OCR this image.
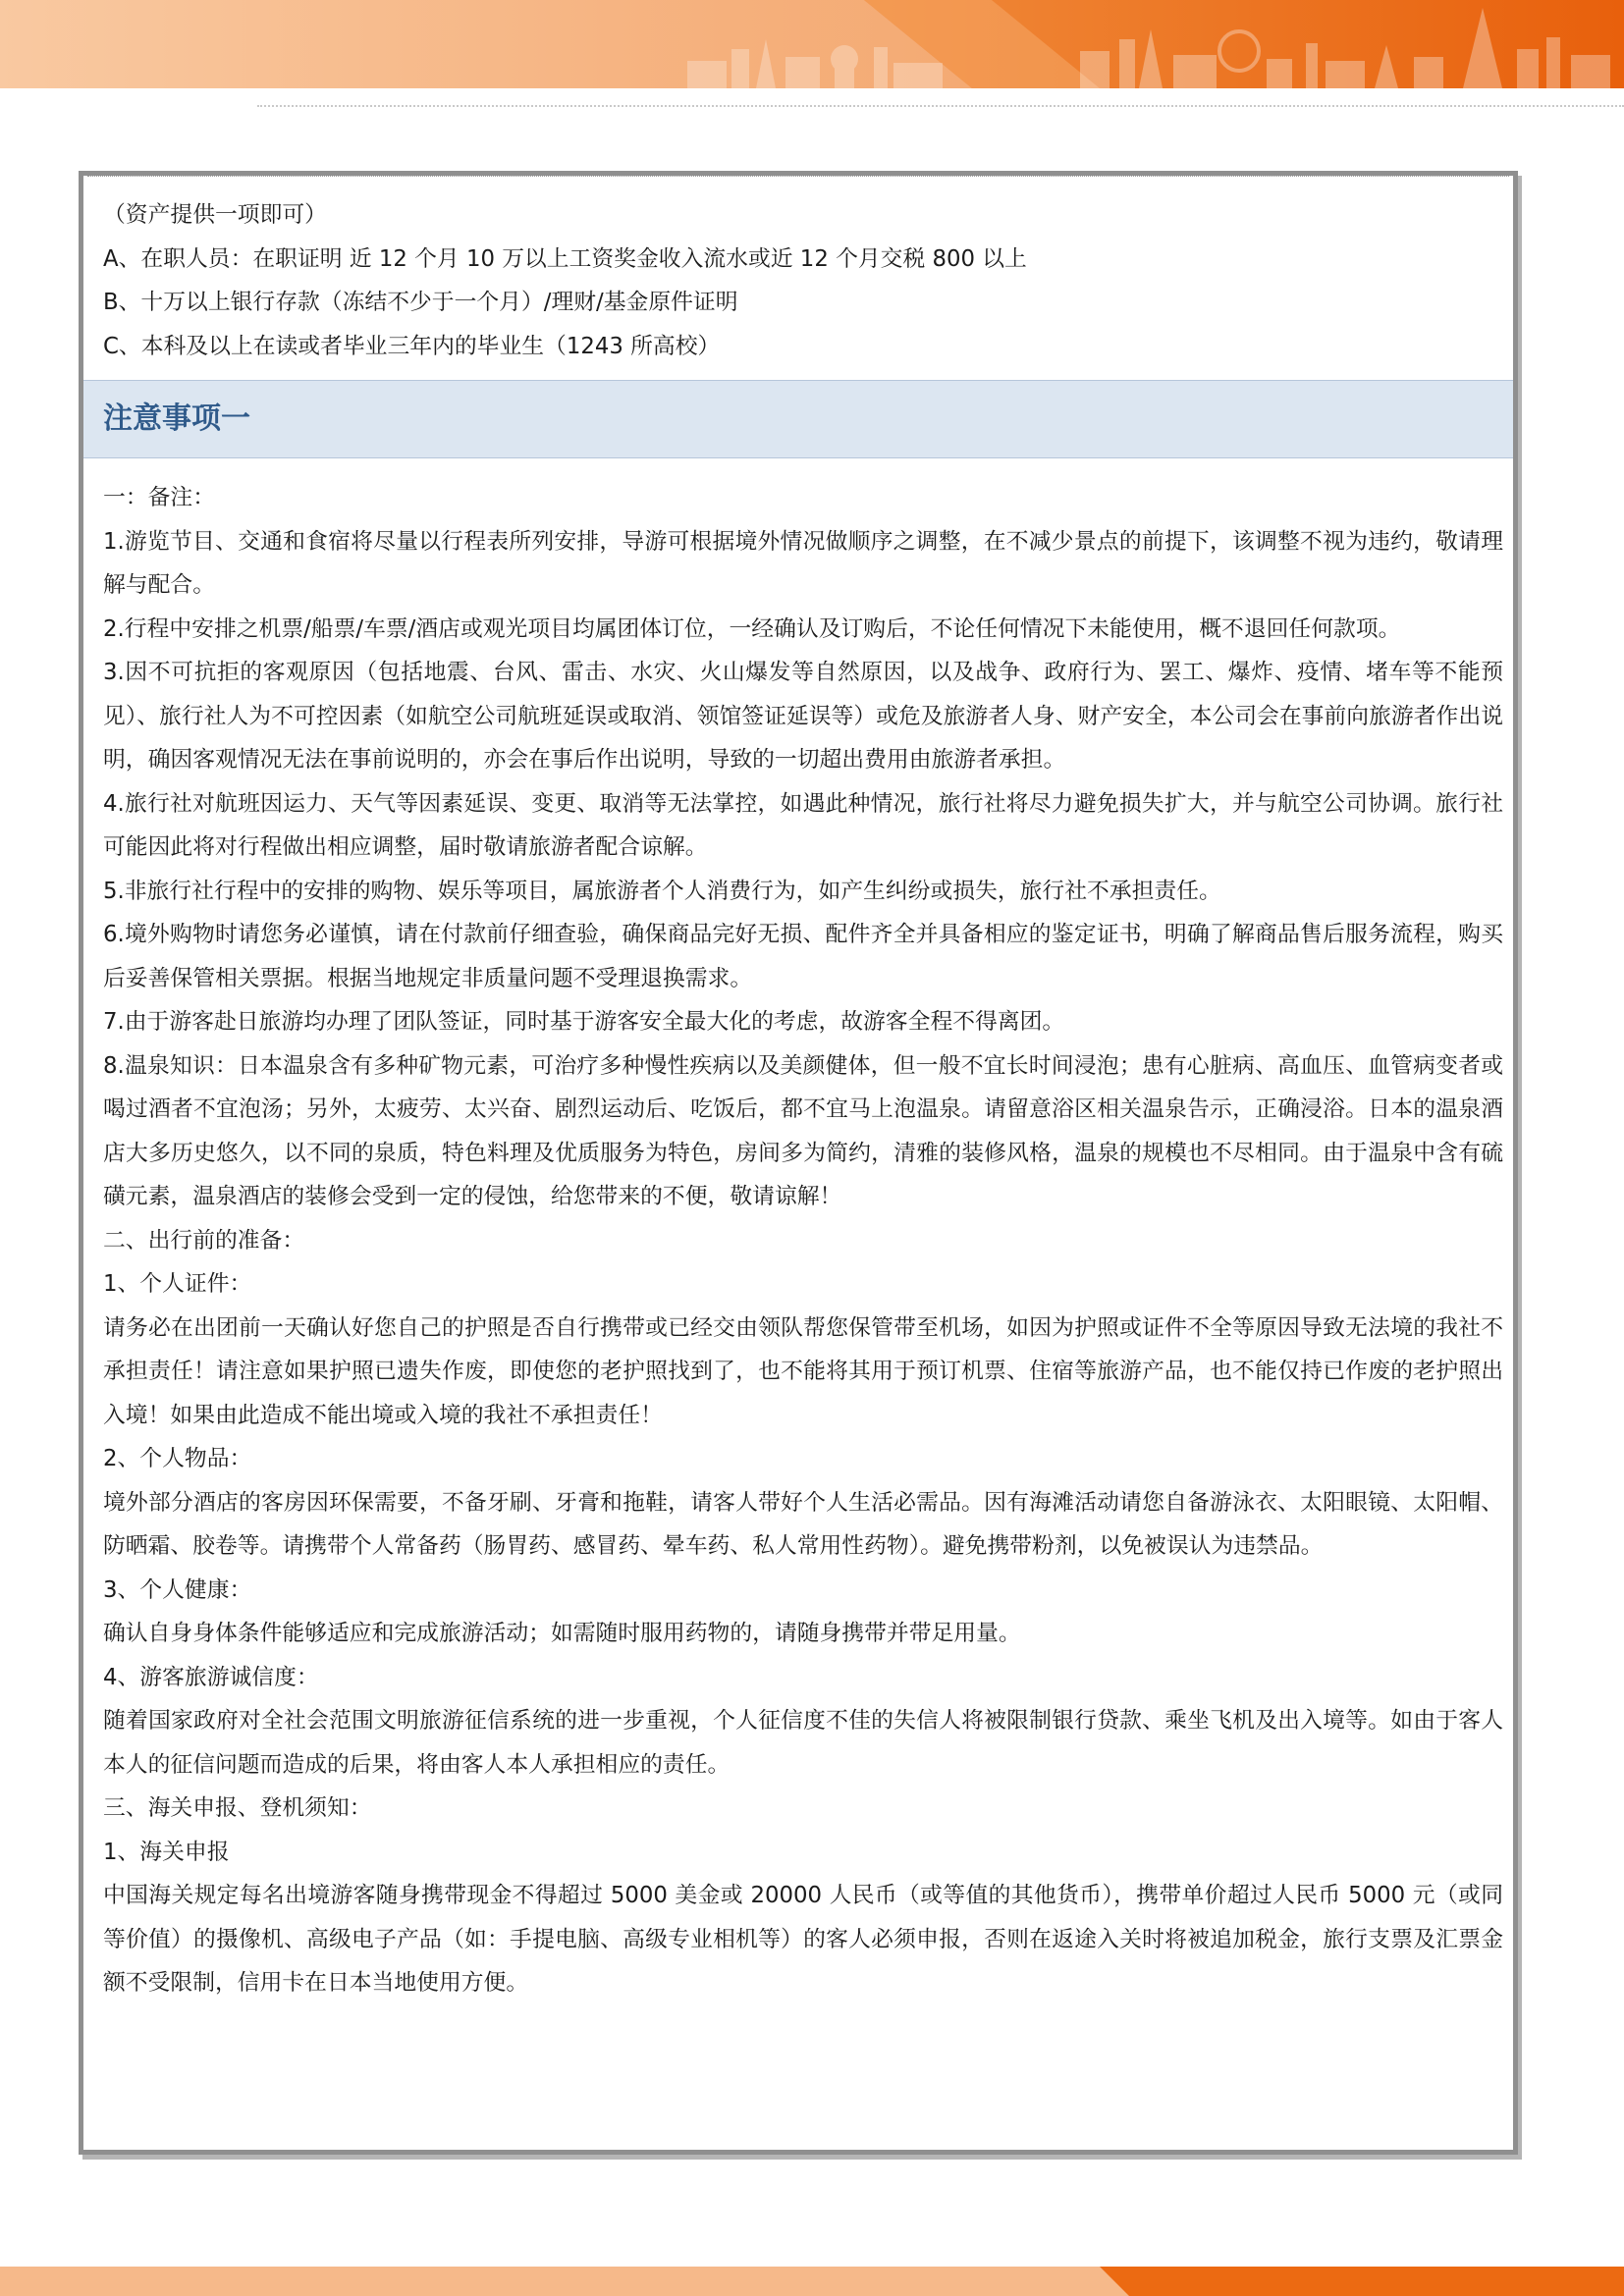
（资产提供一项即可）

A、在职人员：在职证明 近 12 个月 10 万以上工资奖金收入流水或近 12 个月交税 800 以上

B、十万以上银行存款（冻结不少于一个月）/理财/基金原件证明

C、本科及以上在读或者毕业三年内的毕业生（1243 所高校）

注意事项一

一：备注：

1.游览节目、交通和食宿将尽量以行程表所列安排，导游可根据境外情况做顺序之调整，在不减少景点的前提下，该调整不视为违约，敬请理解与配合。

2.行程中安排之机票/船票/车票/酒店或观光项目均属团体订位，一经确认及订购后，不论任何情况下未能使用，概不退回任何款项。

3.因不可抗拒的客观原因（包括地震、台风、雷击、水灾、火山爆发等自然原因，以及战争、政府行为、罢工、爆炸、疫情、堵车等不能预见）、旅行社人为不可控因素（如航空公司航班延误或取消、领馆签证延误等）或危及旅游者人身、财产安全，本公司会在事前向旅游者作出说明，确因客观情况无法在事前说明的，亦会在事后作出说明，导致的一切超出费用由旅游者承担。

4.旅行社对航班因运力、天气等因素延误、变更、取消等无法掌控，如遇此种情况，旅行社将尽力避免损失扩大，并与航空公司协调。旅行社可能因此将对行程做出相应调整，届时敬请旅游者配合谅解。

5.非旅行社行程中的安排的购物、娱乐等项目，属旅游者个人消费行为，如产生纠纷或损失，旅行社不承担责任。

6.境外购物时请您务必谨慎，请在付款前仔细查验，确保商品完好无损、配件齐全并具备相应的鉴定证书，明确了解商品售后服务流程，购买后妥善保管相关票据。根据当地规定非质量问题不受理退换需求。

7.由于游客赴日旅游均办理了团队签证，同时基于游客安全最大化的考虑，故游客全程不得离团。

8.温泉知识：日本温泉含有多种矿物元素，可治疗多种慢性疾病以及美颜健体，但一般不宜长时间浸泡；患有心脏病、高血压、血管病变者或喝过酒者不宜泡汤；另外，太疲劳、太兴奋、剧烈运动后、吃饭后，都不宜马上泡温泉。请留意浴区相关温泉告示，正确浸浴。日本的温泉酒店大多历史悠久，以不同的泉质，特色料理及优质服务为特色，房间多为简约，清雅的装修风格，温泉的规模也不尽相同。由于温泉中含有硫磺元素，温泉酒店的装修会受到一定的侵蚀，给您带来的不便，敬请谅解！

二、出行前的准备：

1、个人证件：

请务必在出团前一天确认好您自己的护照是否自行携带或已经交由领队帮您保管带至机场，如因为护照或证件不全等原因导致无法境的我社不承担责任！请注意如果护照已遗失作废，即使您的老护照找到了，也不能将其用于预订机票、住宿等旅游产品，也不能仅持已作废的老护照出入境！如果由此造成不能出境或入境的我社不承担责任！

2、个人物品：

境外部分酒店的客房因环保需要，不备牙刷、牙膏和拖鞋，请客人带好个人生活必需品。因有海滩活动请您自备游泳衣、太阳眼镜、太阳帽、防晒霜、胶卷等。请携带个人常备药（肠胃药、感冒药、晕车药、私人常用性药物）。避免携带粉剂，以免被误认为违禁品。

3、个人健康：

确认自身身体条件能够适应和完成旅游活动；如需随时服用药物的，请随身携带并带足用量。

4、游客旅游诚信度：

随着国家政府对全社会范围文明旅游征信系统的进一步重视，个人征信度不佳的失信人将被限制银行贷款、乘坐飞机及出入境等。如由于客人本人的征信问题而造成的后果，将由客人本人承担相应的责任。

三、海关申报、登机须知：

1、海关申报

中国海关规定每名出境游客随身携带现金不得超过 5000 美金或 20000 人民币（或等值的其他货币），携带单价超过人民币 5000 元（或同等价值）的摄像机、高级电子产品（如：手提电脑、高级专业相机等）的客人必须申报，否则在返途入关时将被追加税金，旅行支票及汇票金额不受限制，信用卡在日本当地使用方便。
